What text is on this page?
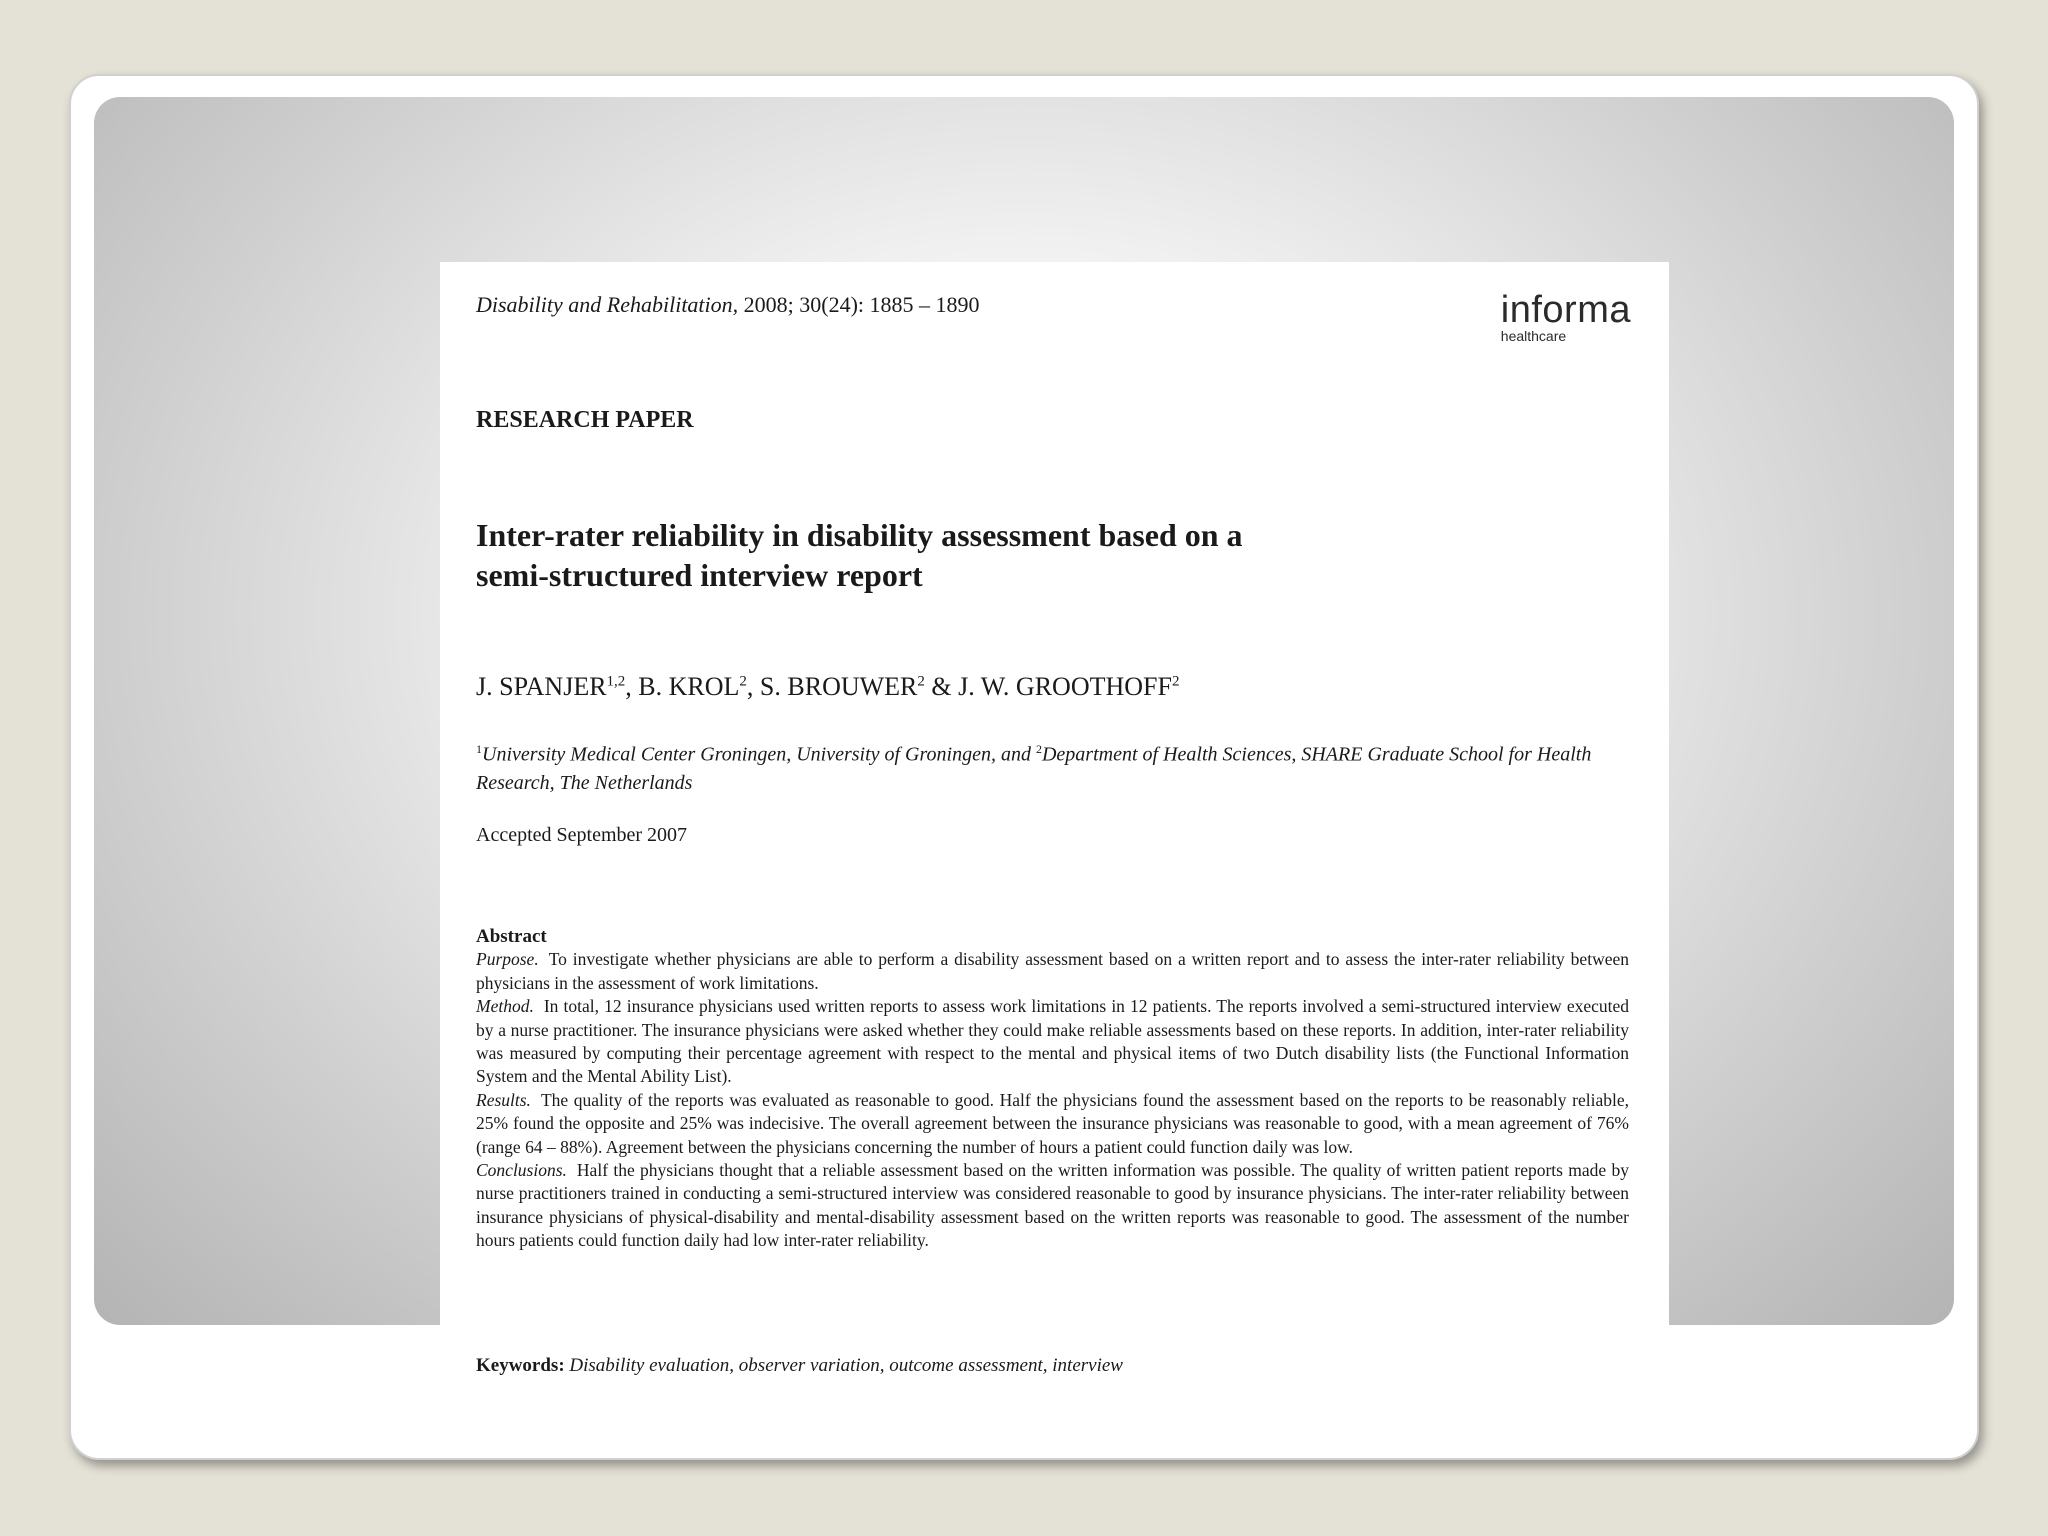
Disability and Rehabilitation, 2008; 30(24): 1885 – 1890	informa
healthcare
RESEARCH PAPER
Inter-rater reliability in disability assessment based on a
semi-structured interview report
J. SPANJER$^{1,2}$, B. KROL$^2$, S. BROUWER$^2$ & J. W. GROOTHOFF$^2$
$^1$University Medical Center Groningen, University of Groningen, and $^2$Department of Health Sciences, SHARE Graduate School for Health Research, The Netherlands
Accepted September 2007
Abstract

Purpose. To investigate whether physicians are able to perform a disability assessment based on a written report and to assess the inter-rater reliability between physicians in the assessment of work limitations.

Method. In total, 12 insurance physicians used written reports to assess work limitations in 12 patients. The reports involved a semi-structured interview executed by a nurse practitioner. The insurance physicians were asked whether they could make reliable assessments based on these reports. In addition, inter-rater reliability was measured by computing their percentage agreement with respect to the mental and physical items of two Dutch disability lists (the Functional Information System and the Mental Ability List).

Results. The quality of the reports was evaluated as reasonable to good. Half the physicians found the assessment based on the reports to be reasonably reliable, 25% found the opposite and 25% was indecisive. The overall agreement between the insurance physicians was reasonable to good, with a mean agreement of 76% (range 64 – 88%). Agreement between the physicians concerning the number of hours a patient could function daily was low.

Conclusions. Half the physicians thought that a reliable assessment based on the written information was possible. The quality of written patient reports made by nurse practitioners trained in conducting a semi-structured interview was considered reasonable to good by insurance physicians. The inter-rater reliability between insurance physicians of physical-disability and mental-disability assessment based on the written reports was reasonable to good. The assessment of the number hours patients could function daily had low inter-rater reliability.

Keywords: Disability evaluation, observer variation, outcome assessment, interview
